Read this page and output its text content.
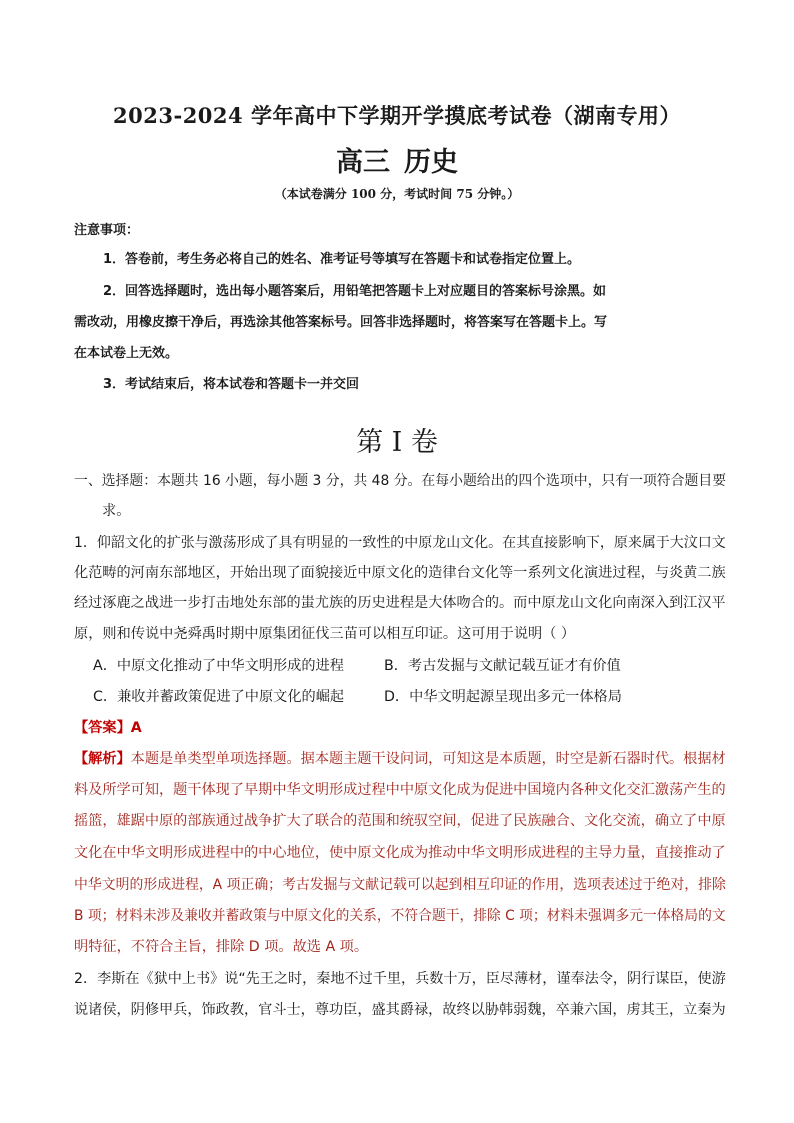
2023-2024 学年高中下学期开学摸底考试卷（湖南专用）
高三 历史
（本试卷满分 100 分，考试时间 75 分钟。）
注意事项：
1．答卷前，考生务必将自己的姓名、准考证号等填写在答题卡和试卷指定位置上。
2．回答选择题时，选出每小题答案后，用铅笔把答题卡上对应题目的答案标号涂黑。如
需改动，用橡皮擦干净后，再选涂其他答案标号。回答非选择题时，将答案写在答题卡上。写
在本试卷上无效。
3．考试结束后，将本试卷和答题卡一并交回
第 I 卷
一、选择题：本题共 16 小题，每小题 3 分，共 48 分。在每小题给出的四个选项中，只有一项符合题目要
求。
1．仰韶文化的扩张与激荡形成了具有明显的一致性的中原龙山文化。在其直接影响下，原来属于大汶口文
化范畴的河南东部地区，开始出现了面貌接近中原文化的造律台文化等一系列文化演进过程，与炎黄二族
经过涿鹿之战进一步打击地处东部的蚩尤族的历史进程是大体吻合的。而中原龙山文化向南深入到江汉平
原，则和传说中尧舜禹时期中原集团征伐三苗可以相互印证。这可用于说明（ ）
A．中原文化推动了中华文明形成的进程	B．考古发掘与文献记载互证才有价值
C．兼收并蓄政策促进了中原文化的崛起	D．中华文明起源呈现出多元一体格局
【答案】A
【解析】本题是单类型单项选择题。据本题主题干设问词，可知这是本质题，时空是新石器时代。根据材
料及所学可知，题干体现了早期中华文明形成过程中中原文化成为促进中国境内各种文化交汇激荡产生的
摇篮，雄踞中原的部族通过战争扩大了联合的范围和统驭空间，促进了民族融合、文化交流，确立了中原
文化在中华文明形成进程中的中心地位，使中原文化成为推动中华文明形成进程的主导力量，直接推动了
中华文明的形成进程，A 项正确；考古发掘与文献记载可以起到相互印证的作用，选项表述过于绝对，排除
B 项；材料未涉及兼收并蓄政策与中原文化的关系，不符合题干，排除 C 项；材料未强调多元一体格局的文
明特征，不符合主旨，排除 D 项。故选 A 项。
2．李斯在《狱中上书》说“先王之时，秦地不过千里，兵数十万，臣尽薄材，谨奉法令，阴行谋臣，使游
说诸侯，阴修甲兵，饰政教，官斗士，尊功臣，盛其爵禄，故终以胁韩弱魏，卒兼六国，虏其王，立秦为
